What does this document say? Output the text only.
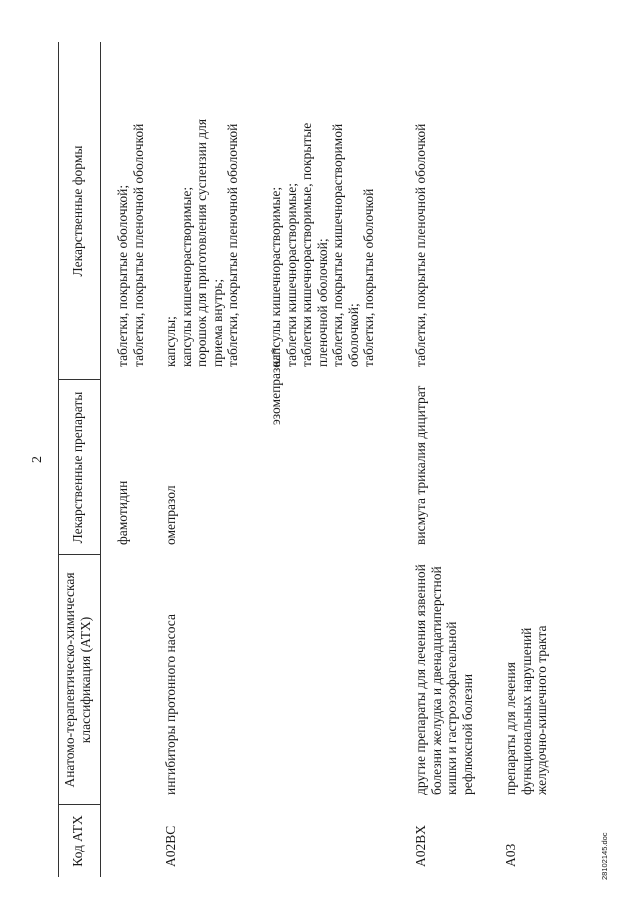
2
Код АТХ
Анатомо-терапевтическо-химическая
классификация (АТХ)
Лекарственные препараты
Лекарственные формы
фамотидин
таблетки, покрытые оболочкой;
таблетки, покрытые пленочной оболочкой
A02BC
ингибиторы протонного насоса
омепразол
капсулы;
капсулы кишечнорастворимые;
порошок для приготовления суспензии для
приема внутрь;
таблетки, покрытые пленочной оболочкой
эзомепразол*
капсулы кишечнорастворимые;
таблетки кишечнорастворимые;
таблетки кишечнорастворимые, покрытые
пленочной оболочкой;
таблетки, покрытые кишечнорастворимой
оболочкой;
таблетки, покрытые оболочкой
A02BX
другие препараты для лечения язвенной
болезни желудка и двенадцатиперстной
кишки и гастроэзофагеальной
рефлюксной болезни
висмута трикалия дицитрат
таблетки, покрытые пленочной оболочкой
A03
препараты для лечения
функциональных нарушений
желудочно-кишечного тракта
28102145.doc
